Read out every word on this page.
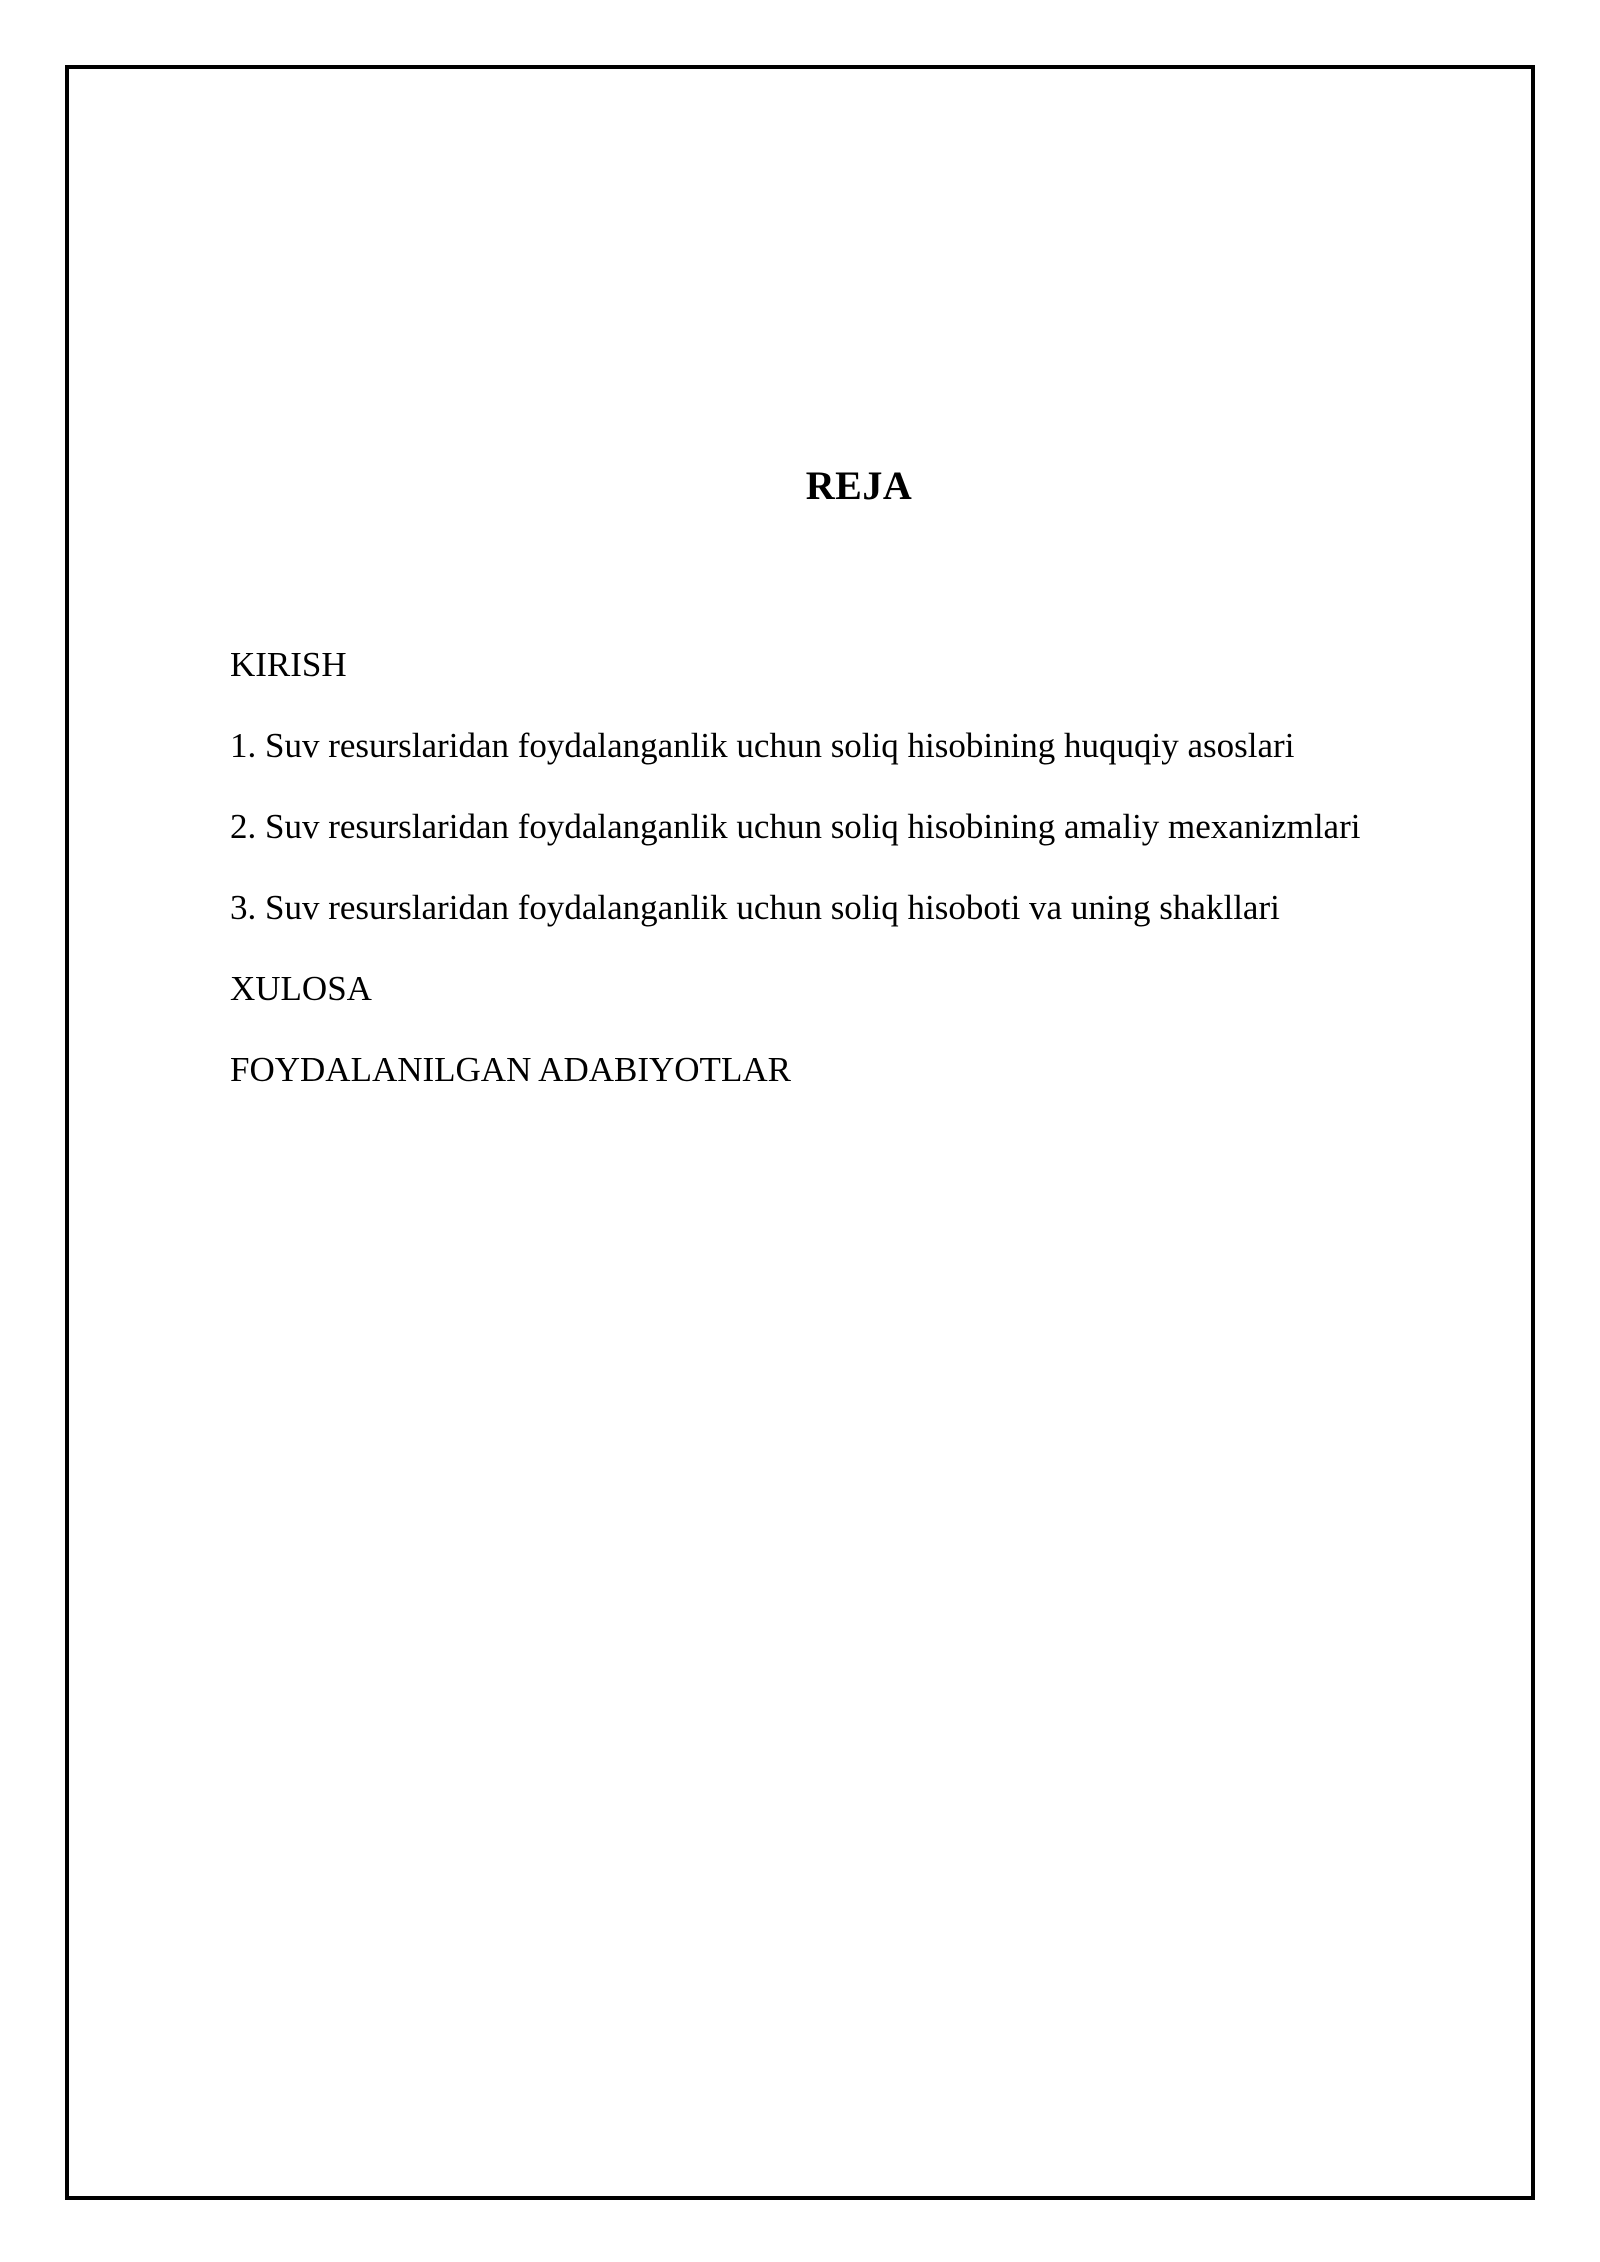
REJA
KIRISH
1. Suv resurslaridan foydalanganlik uchun soliq hisobining huquqiy asoslari
2. Suv resurslaridan foydalanganlik uchun soliq hisobining amaliy mexanizmlari
3. Suv resurslaridan foydalanganlik uchun soliq hisoboti va uning shakllari
XULOSA
FOYDALANILGAN ADABIYOTLAR
